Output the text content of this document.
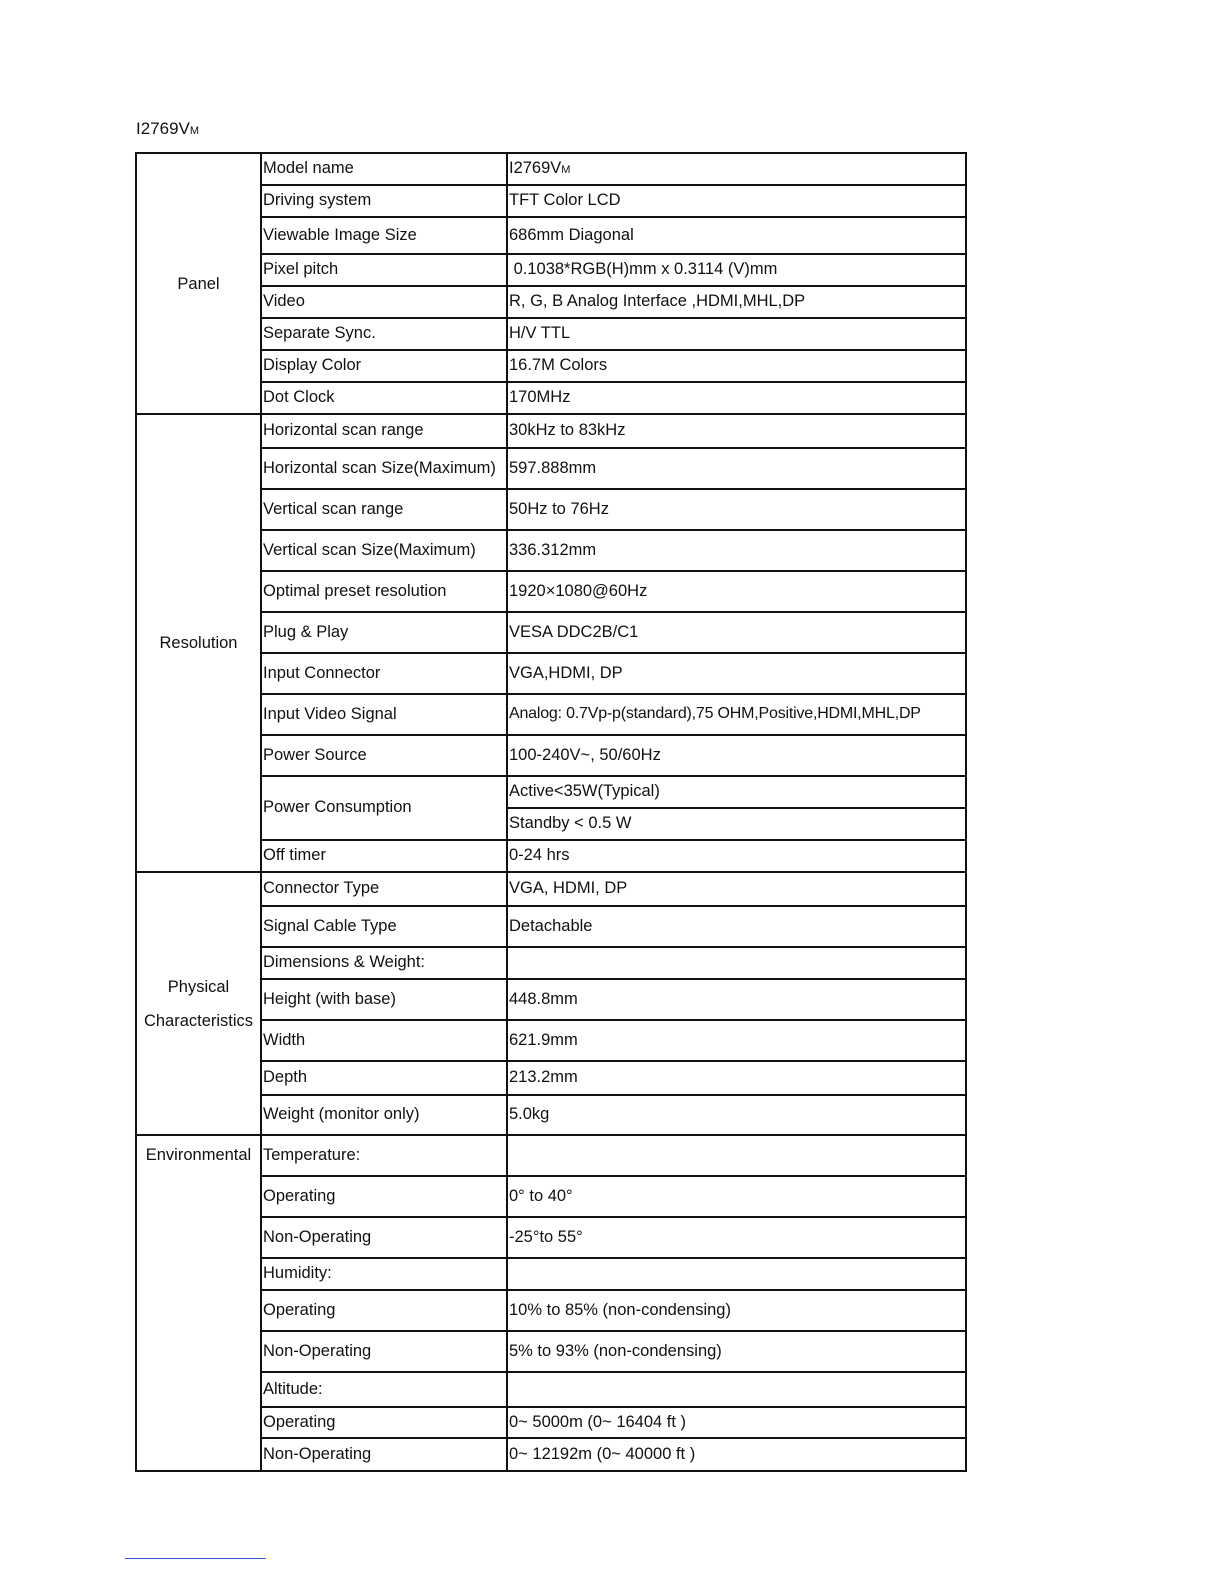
I2769VM
Panel	Model name	I2769VM
	Driving system	TFT Color LCD
	Viewable Image Size	686mm Diagonal
	Pixel pitch	0.1038*RGB(H)mm x 0.3114 (V)mm
	Video	R, G, B Analog Interface ,HDMI,MHL,DP
	Separate Sync.	H/V TTL
	Display Color	16.7M Colors
	Dot Clock	170MHz
Resolution	Horizontal scan range	30kHz to 83kHz
	Horizontal scan Size(Maximum)	597.888mm
	Vertical scan range	50Hz to 76Hz
	Vertical scan Size(Maximum)	336.312mm
	Optimal preset resolution	1920×1080@60Hz
	Plug & Play	VESA DDC2B/C1
	Input Connector	VGA,HDMI, DP
	Input Video Signal	Analog: 0.7Vp-p(standard),75 OHM,Positive,HDMI,MHL,DP
	Power Source	100-240V~, 50/60Hz
	Power Consumption	Active<35W(Typical)
		Standby < 0.5 W
	Off timer	0-24 hrs
Physical Characteristics	Connector Type	VGA, HDMI, DP
	Signal Cable Type	Detachable
	Dimensions & Weight:	
	Height (with base)	448.8mm
	Width	621.9mm
	Depth	213.2mm
	Weight (monitor only)	5.0kg
Environmental	Temperature:	
	Operating	0° to 40°
	Non-Operating	-25°to 55°
	Humidity:	
	Operating	10% to 85% (non-condensing)
	Non-Operating	5% to 93% (non-condensing)
	Altitude:	
	Operating	0~ 5000m (0~ 16404 ft )
	Non-Operating	0~ 12192m (0~ 40000 ft )
